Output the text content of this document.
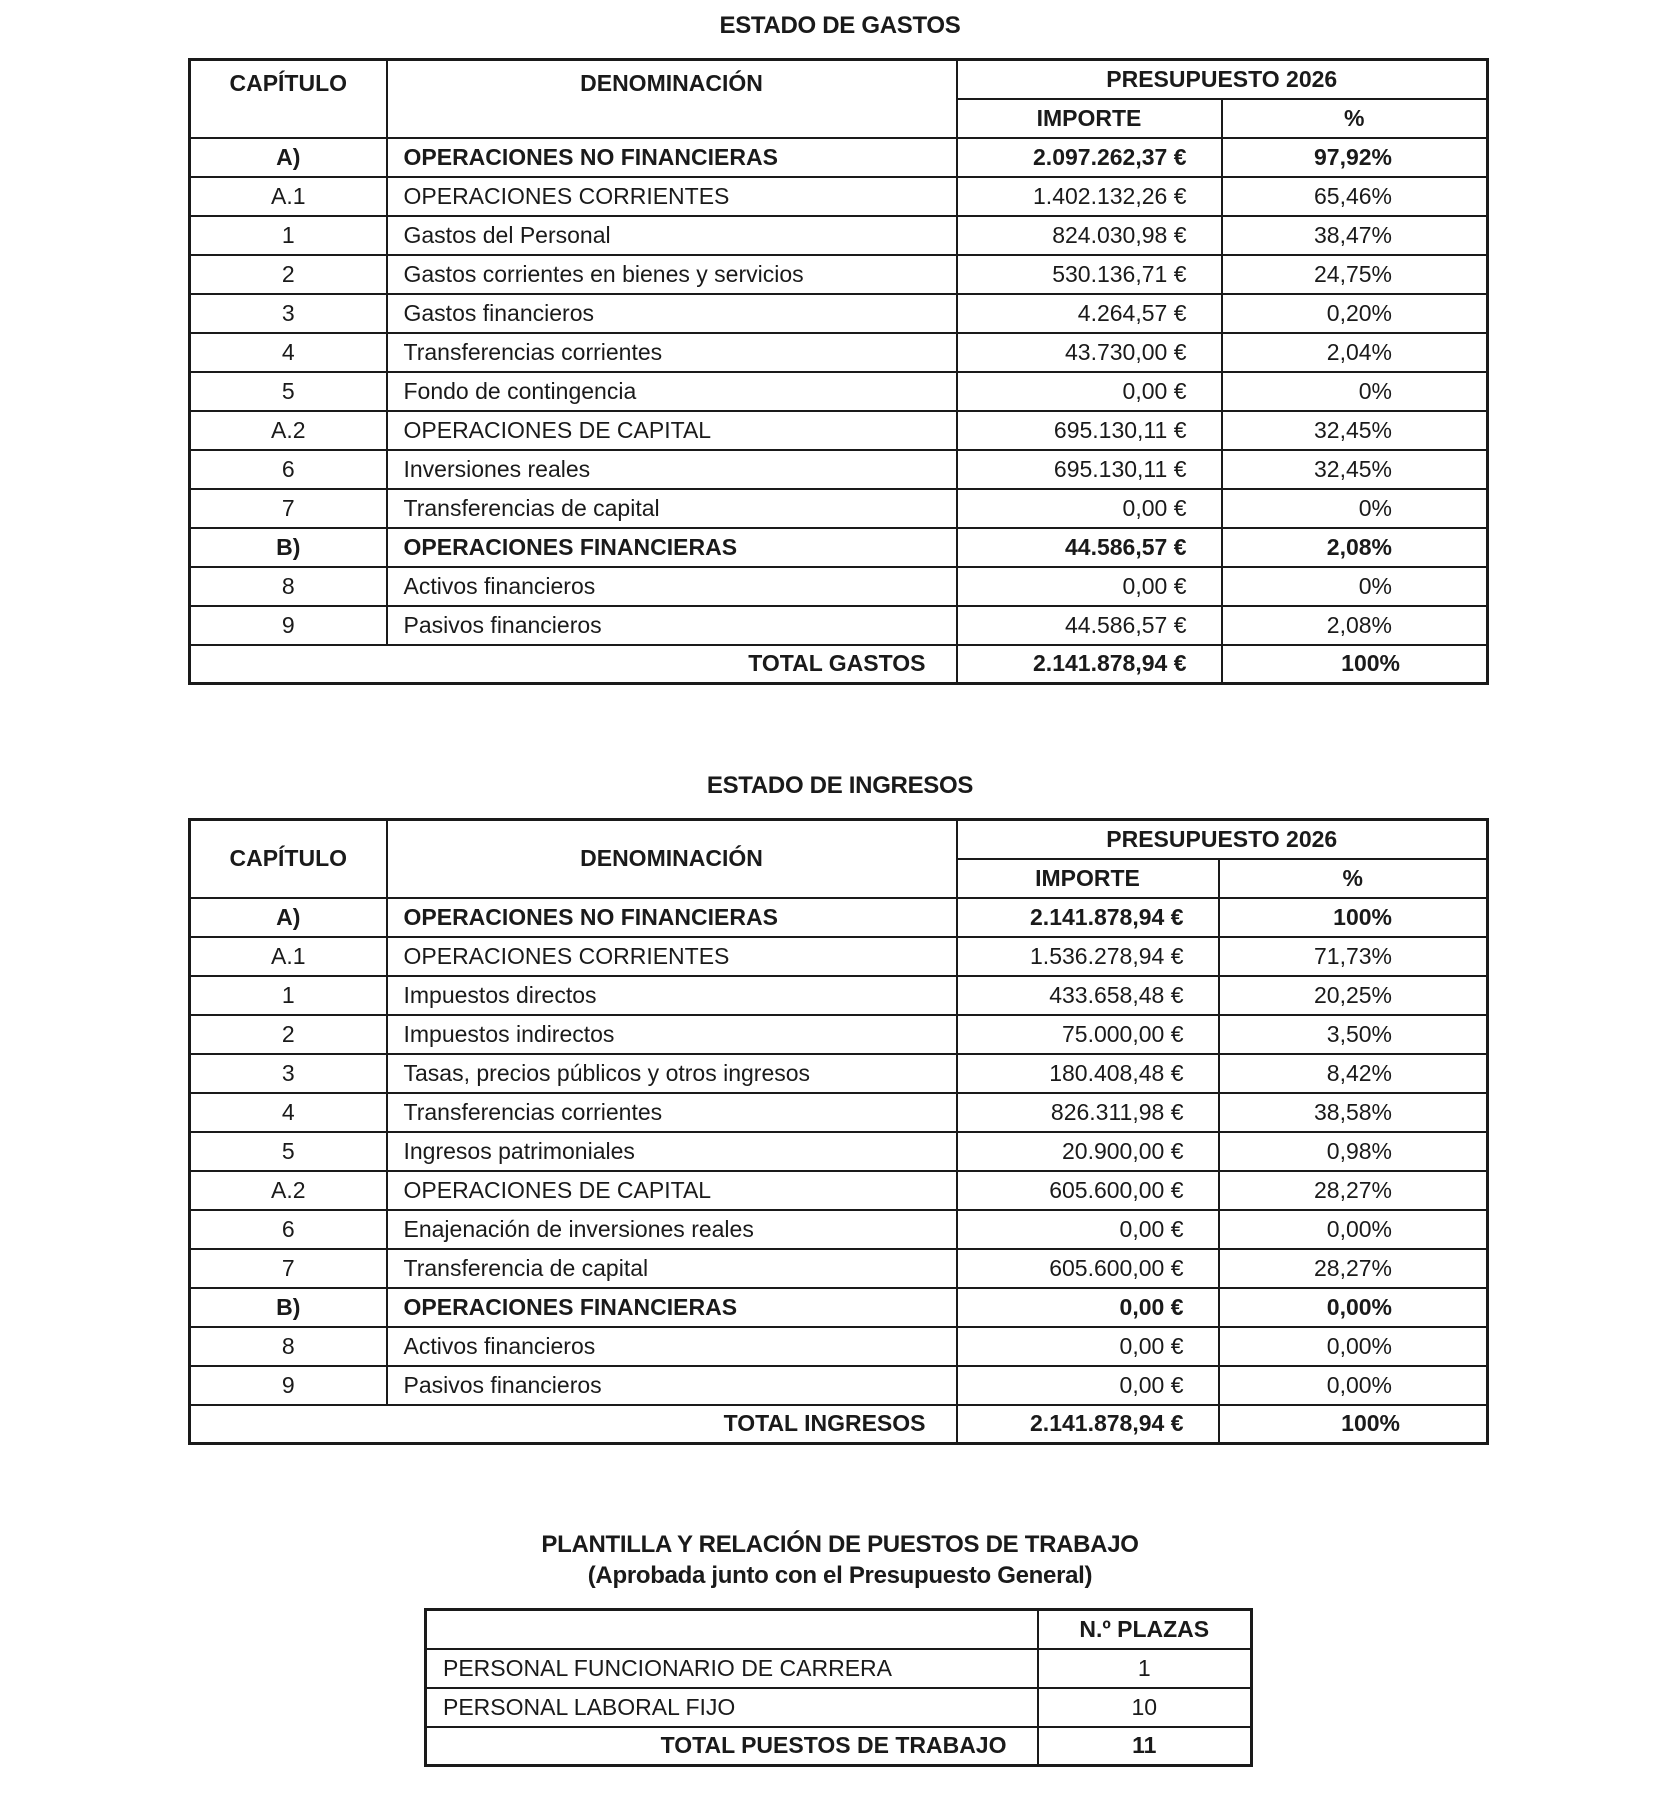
ESTADO DE GASTOS
CAPÍTULO	DENOMINACIÓN	PRESUPUESTO 2026	
		IMPORTE	%
A)	OPERACIONES NO FINANCIERAS	2.097.262,37 €	97,92%
A.1	OPERACIONES CORRIENTES	1.402.132,26 €	65,46%
1	Gastos del Personal	824.030,98 €	38,47%
2	Gastos corrientes en bienes y servicios	530.136,71 €	24,75%
3	Gastos financieros	4.264,57 €	0,20%
4	Transferencias corrientes	43.730,00 €	2,04%
5	Fondo de contingencia	0,00 €	0%
A.2	OPERACIONES DE CAPITAL	695.130,11 €	32,45%
6	Inversiones reales	695.130,11 €	32,45%
7	Transferencias de capital	0,00 €	0%
B)	OPERACIONES FINANCIERAS	44.586,57 €	2,08%
8	Activos financieros	0,00 €	0%
9	Pasivos financieros	44.586,57 €	2,08%
TOTAL GASTOS		2.141.878,94 €	100%
ESTADO DE INGRESOS
CAPÍTULO	DENOMINACIÓN	PRESUPUESTO 2026	
		IMPORTE	%
A)	OPERACIONES NO FINANCIERAS	2.141.878,94 €	100%
A.1	OPERACIONES CORRIENTES	1.536.278,94 €	71,73%
1	Impuestos directos	433.658,48 €	20,25%
2	Impuestos indirectos	75.000,00 €	3,50%
3	Tasas, precios públicos y otros ingresos	180.408,48 €	8,42%
4	Transferencias corrientes	826.311,98 €	38,58%
5	Ingresos patrimoniales	20.900,00 €	0,98%
A.2	OPERACIONES DE CAPITAL	605.600,00 €	28,27%
6	Enajenación de inversiones reales	0,00 €	0,00%
7	Transferencia de capital	605.600,00 €	28,27%
B)	OPERACIONES FINANCIERAS	0,00 €	0,00%
8	Activos financieros	0,00 €	0,00%
9	Pasivos financieros	0,00 €	0,00%
TOTAL INGRESOS		2.141.878,94 €	100%
PLANTILLA Y RELACIÓN DE PUESTOS DE TRABAJO
(Aprobada junto con el Presupuesto General)
	N.º PLAZAS
PERSONAL FUNCIONARIO DE CARRERA	1
PERSONAL LABORAL FIJO	10
TOTAL PUESTOS DE TRABAJO	11
